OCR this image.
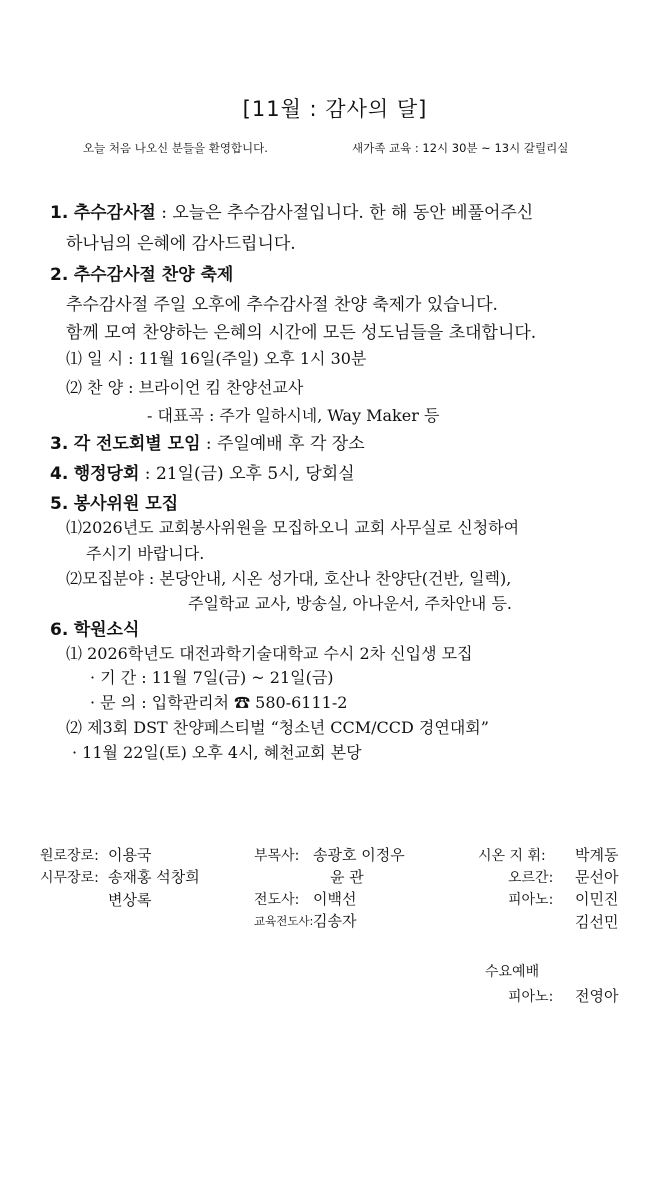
[11월 : 감사의 달]
오늘 처음 나오신 분들을 환영합니다.	새가족 교육 : 12시 30분 ~ 13시 갈릴리실
1. 추수감사절 : 오늘은 추수감사절입니다. 한 해 동안 베풀어주신
하나님의 은혜에 감사드립니다.
2. 추수감사절 찬양 축제
추수감사절 주일 오후에 추수감사절 찬양 축제가 있습니다.
함께 모여 찬양하는 은혜의 시간에 모든 성도님들을 초대합니다.
⑴ 일 시 : 11월 16일(주일) 오후 1시 30분
⑵ 찬 양 : 브라이언 킴 찬양선교사
- 대표곡 : 주가 일하시네, Way Maker 등
3. 각 전도회별 모임 : 주일예배 후 각 장소
4. 행정당회 : 21일(금) 오후 5시, 당회실
5. 봉사위원 모집
⑴2026년도 교회봉사위원을 모집하오니 교회 사무실로 신청하여
주시기 바랍니다.
⑵모집분야 : 본당안내, 시온 성가대, 호산나 찬양단(건반, 일렉),
주일학교 교사, 방송실, 아나운서, 주차안내 등.
6. 학원소식
⑴ 2026학년도 대전과학기술대학교 수시 2차 신입생 모집
· 기 간 : 11월 7일(금) ~ 21일(금)
· 문 의 : 입학관리처 ☎ 580-6111-2
⑵ 제3회 DST 찬양페스티벌 “청소년 CCM/CCD 경연대회”
· 11월 22일(토) 오후 4시, 혜천교회 본당
원로장로: 이용국
시무장로: 송재홍 석창희
변상록
부목사: 송광호 이정우
윤 관
전도사: 이백선
교육전도사: 김송자
시온 지 휘: 박계동
오르간: 문선아
피아노: 이민진
김선민
수요예배
피아노: 전영아
